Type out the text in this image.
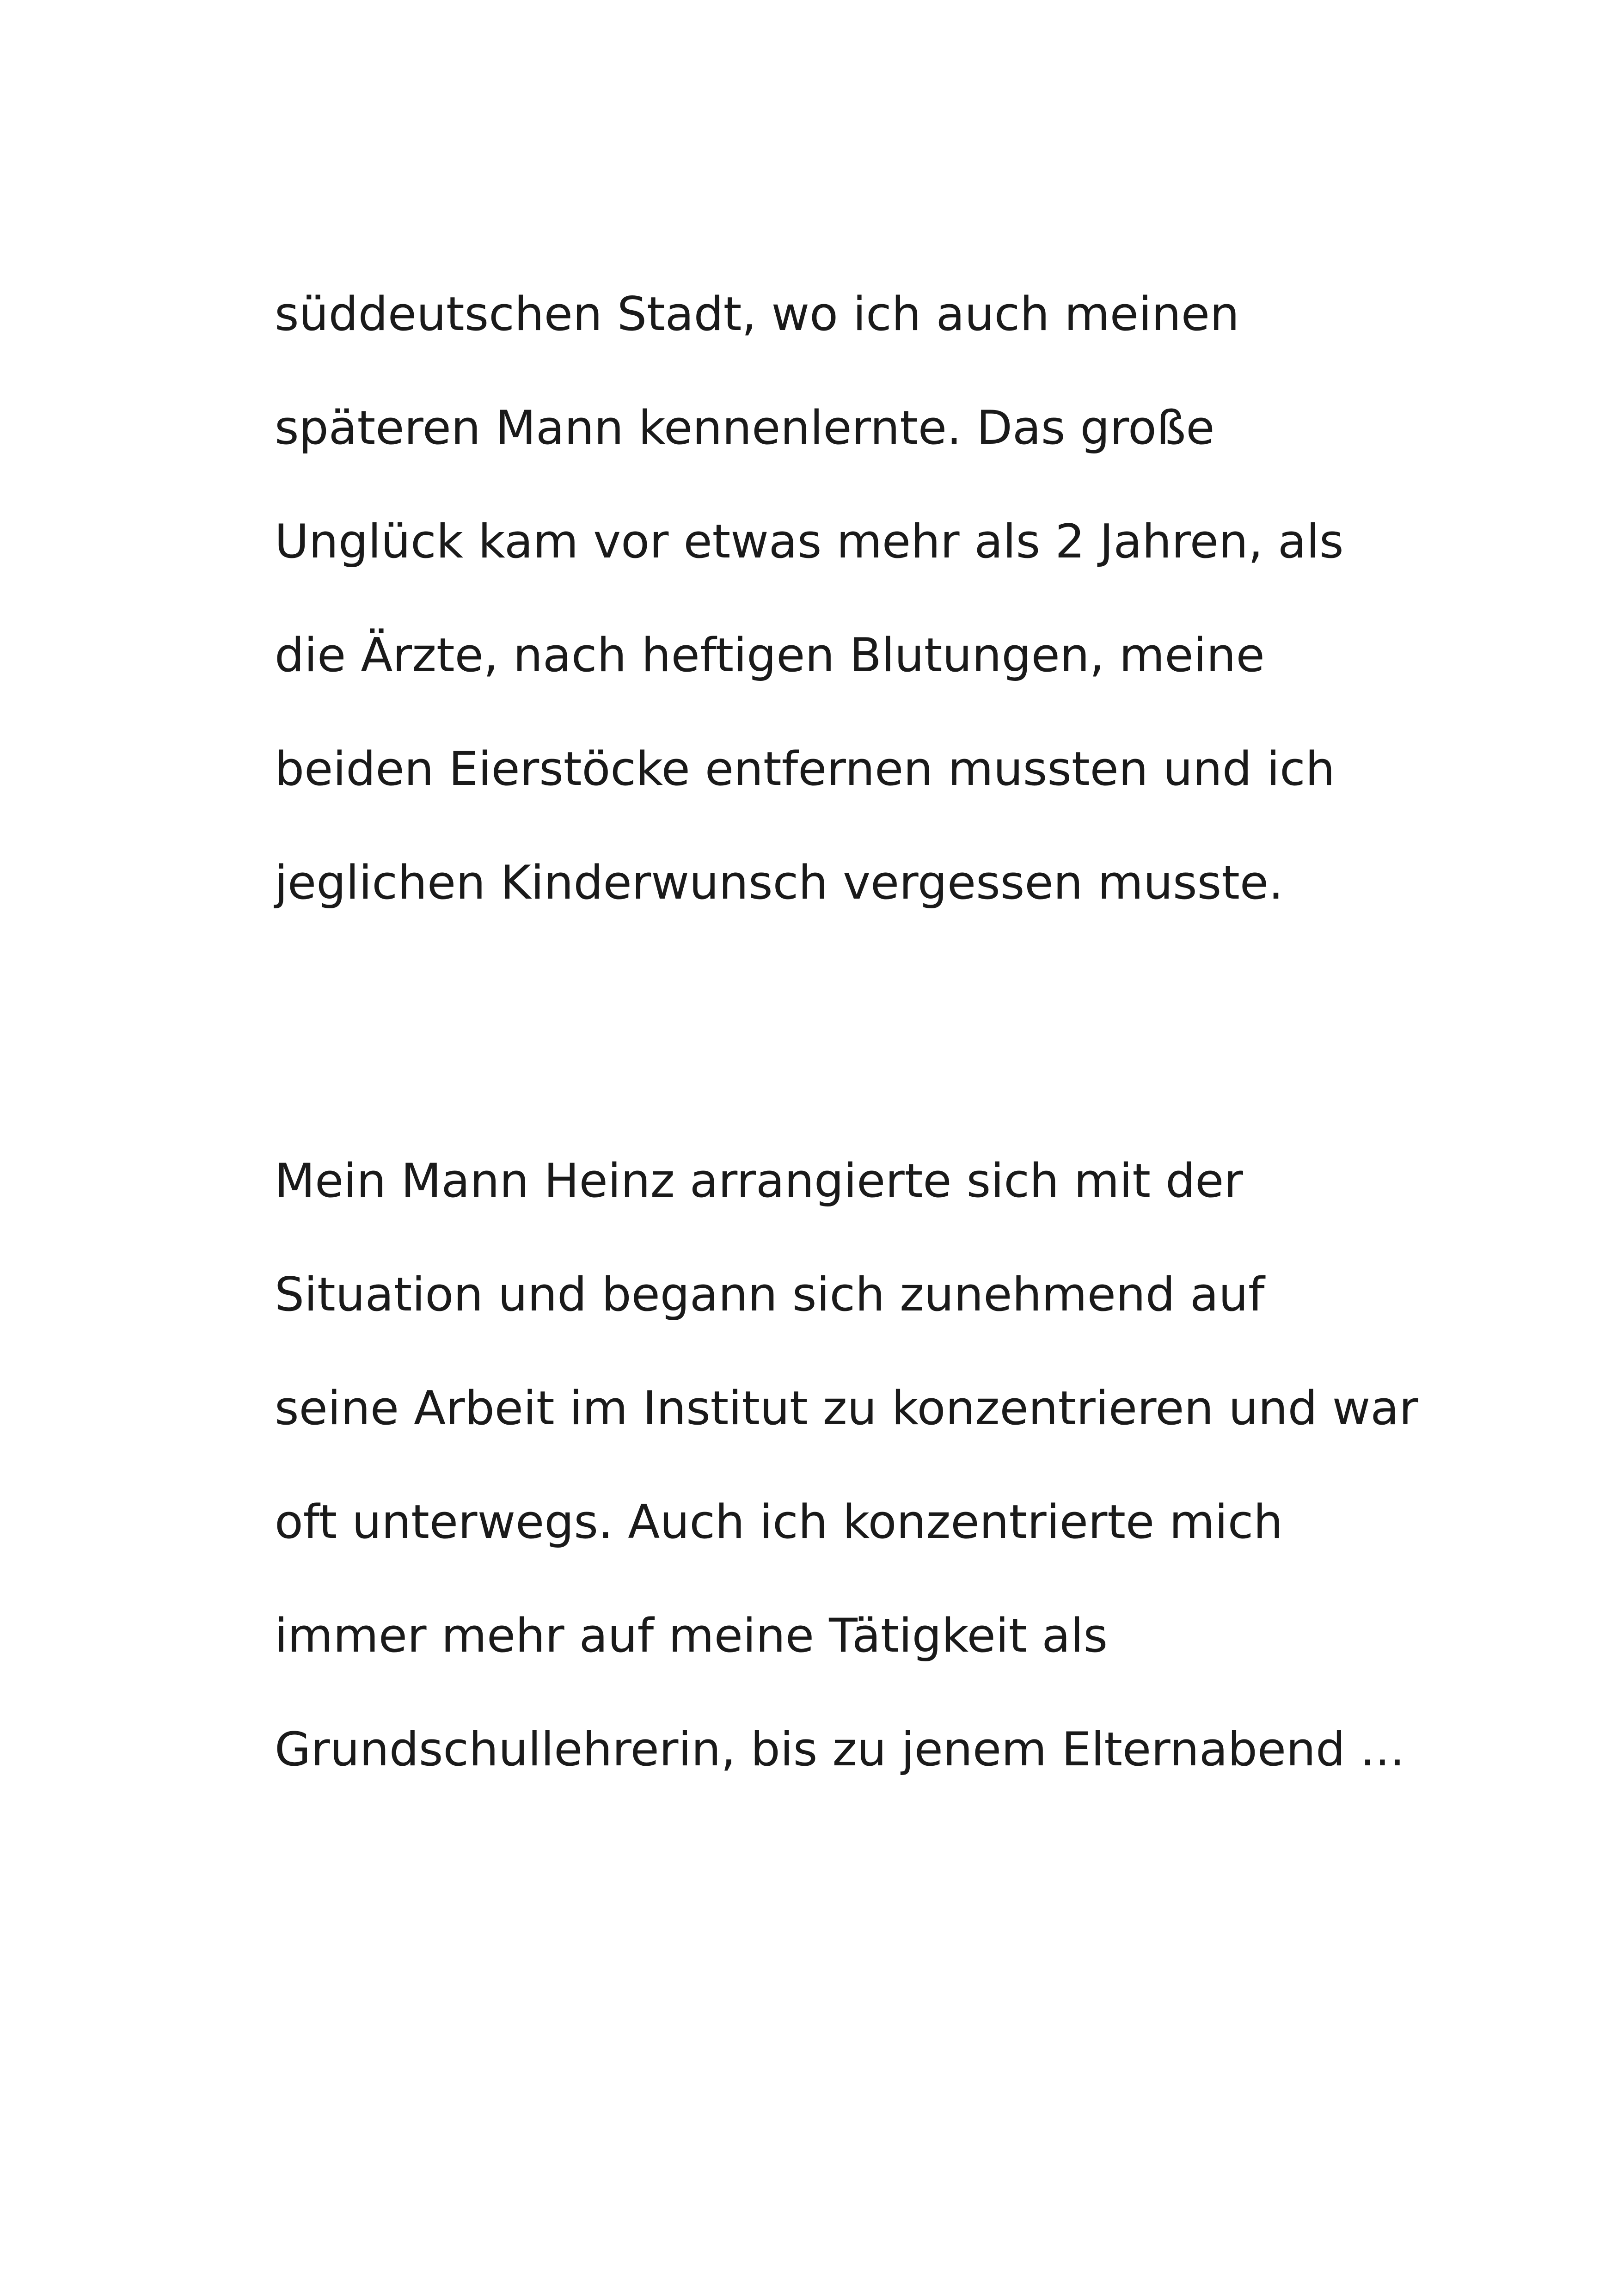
süddeutschen Stadt, wo ich auch meinen
späteren Mann kennenlernte. Das große
Unglück kam vor etwas mehr als 2 Jahren, als
die Ärzte, nach heftigen Blutungen, meine
beiden Eierstöcke entfernen mussten und ich
jeglichen Kinderwunsch vergessen musste.
Mein Mann Heinz arrangierte sich mit der
Situation und begann sich zunehmend auf
seine Arbeit im Institut zu konzentrieren und war
oft unterwegs. Auch ich konzentrierte mich
immer mehr auf meine Tätigkeit als
Grundschullehrerin, bis zu jenem Elternabend ...
